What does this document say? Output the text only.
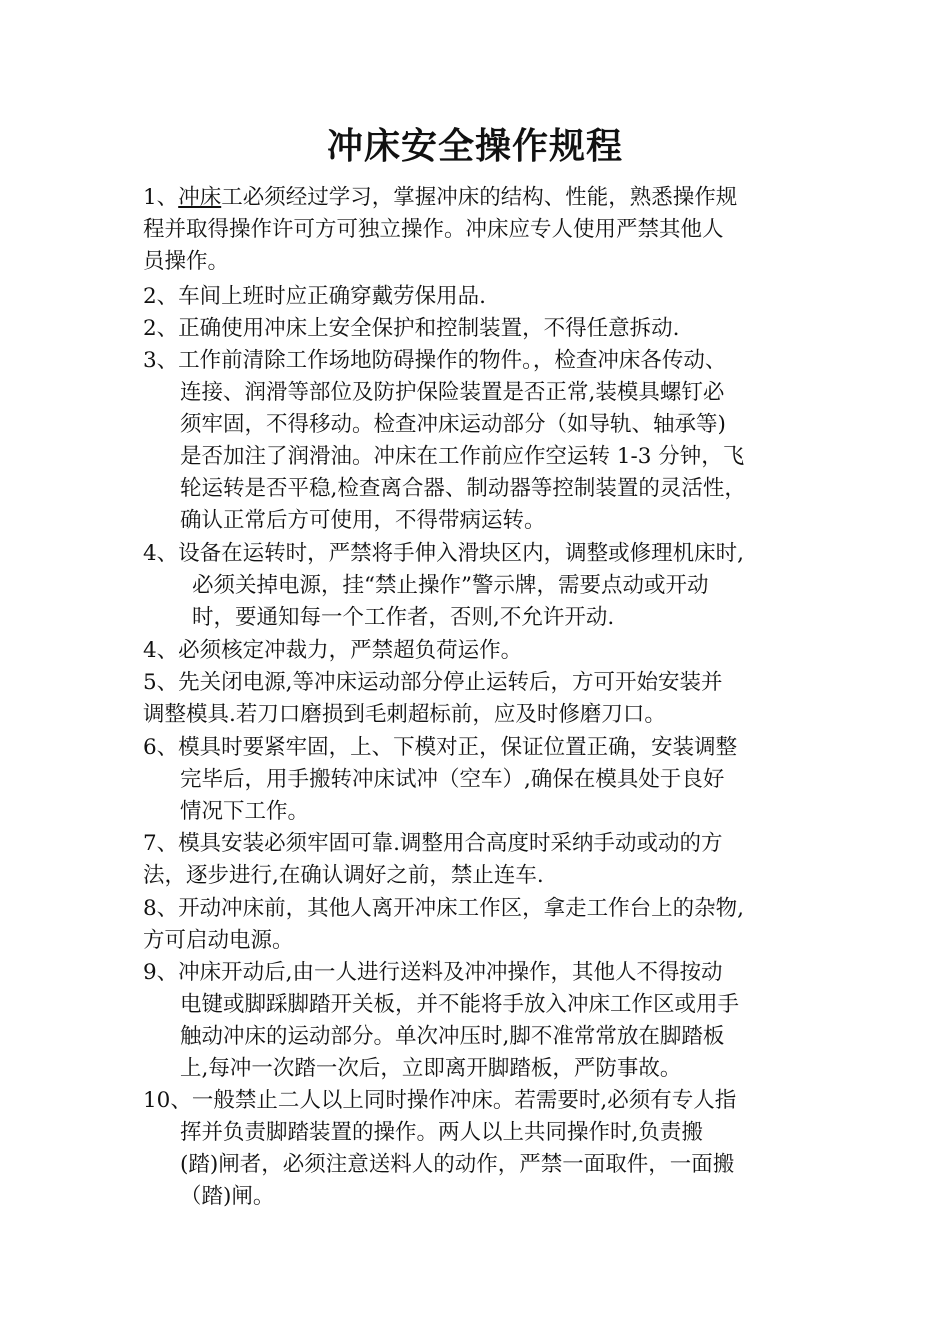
冲床安全操作规程
1、冲床工必须经过学习，掌握冲床的结构、性能，熟悉操作规
程并取得操作许可方可独立操作。冲床应专人使用严禁其他人
员操作。
2、车间上班时应正确穿戴劳保用品.
2、正确使用冲床上安全保护和控制装置，不得任意拆动.
3、工作前清除工作场地防碍操作的物件。，检查冲床各传动、
连接、润滑等部位及防护保险装置是否正常,装模具螺钉必
须牢固，不得移动。检查冲床运动部分（如导轨、轴承等)
是否加注了润滑油。冲床在工作前应作空运转 1-3 分钟，飞
轮运转是否平稳,检查离合器、制动器等控制装置的灵活性，
确认正常后方可使用，不得带病运转。
4、设备在运转时，严禁将手伸入滑块区内，调整或修理机床时,
必须关掉电源，挂“禁止操作”警示牌，需要点动或开动
时，要通知每一个工作者，否则,不允许开动.
4、必须核定冲裁力，严禁超负荷运作。
5、先关闭电源,等冲床运动部分停止运转后，方可开始安装并
调整模具.若刀口磨损到毛刺超标前，应及时修磨刀口。
6、模具时要紧牢固，上、下模对正，保证位置正确，安装调整
完毕后，用手搬转冲床试冲（空车）,确保在模具处于良好
情况下工作。
7、模具安装必须牢固可靠.调整用合高度时采纳手动或动的方
法，逐步进行,在确认调好之前，禁止连车.
8、开动冲床前，其他人离开冲床工作区，拿走工作台上的杂物,
方可启动电源。
9、冲床开动后,由一人进行送料及冲冲操作，其他人不得按动
电键或脚踩脚踏开关板，并不能将手放入冲床工作区或用手
触动冲床的运动部分。单次冲压时,脚不准常常放在脚踏板
上,每冲一次踏一次后，立即离开脚踏板，严防事故。
10、一般禁止二人以上同时操作冲床。若需要时,必须有专人指
挥并负责脚踏装置的操作。两人以上共同操作时,负责搬
(踏)闸者，必须注意送料人的动作，严禁一面取件，一面搬
（踏)闸。
